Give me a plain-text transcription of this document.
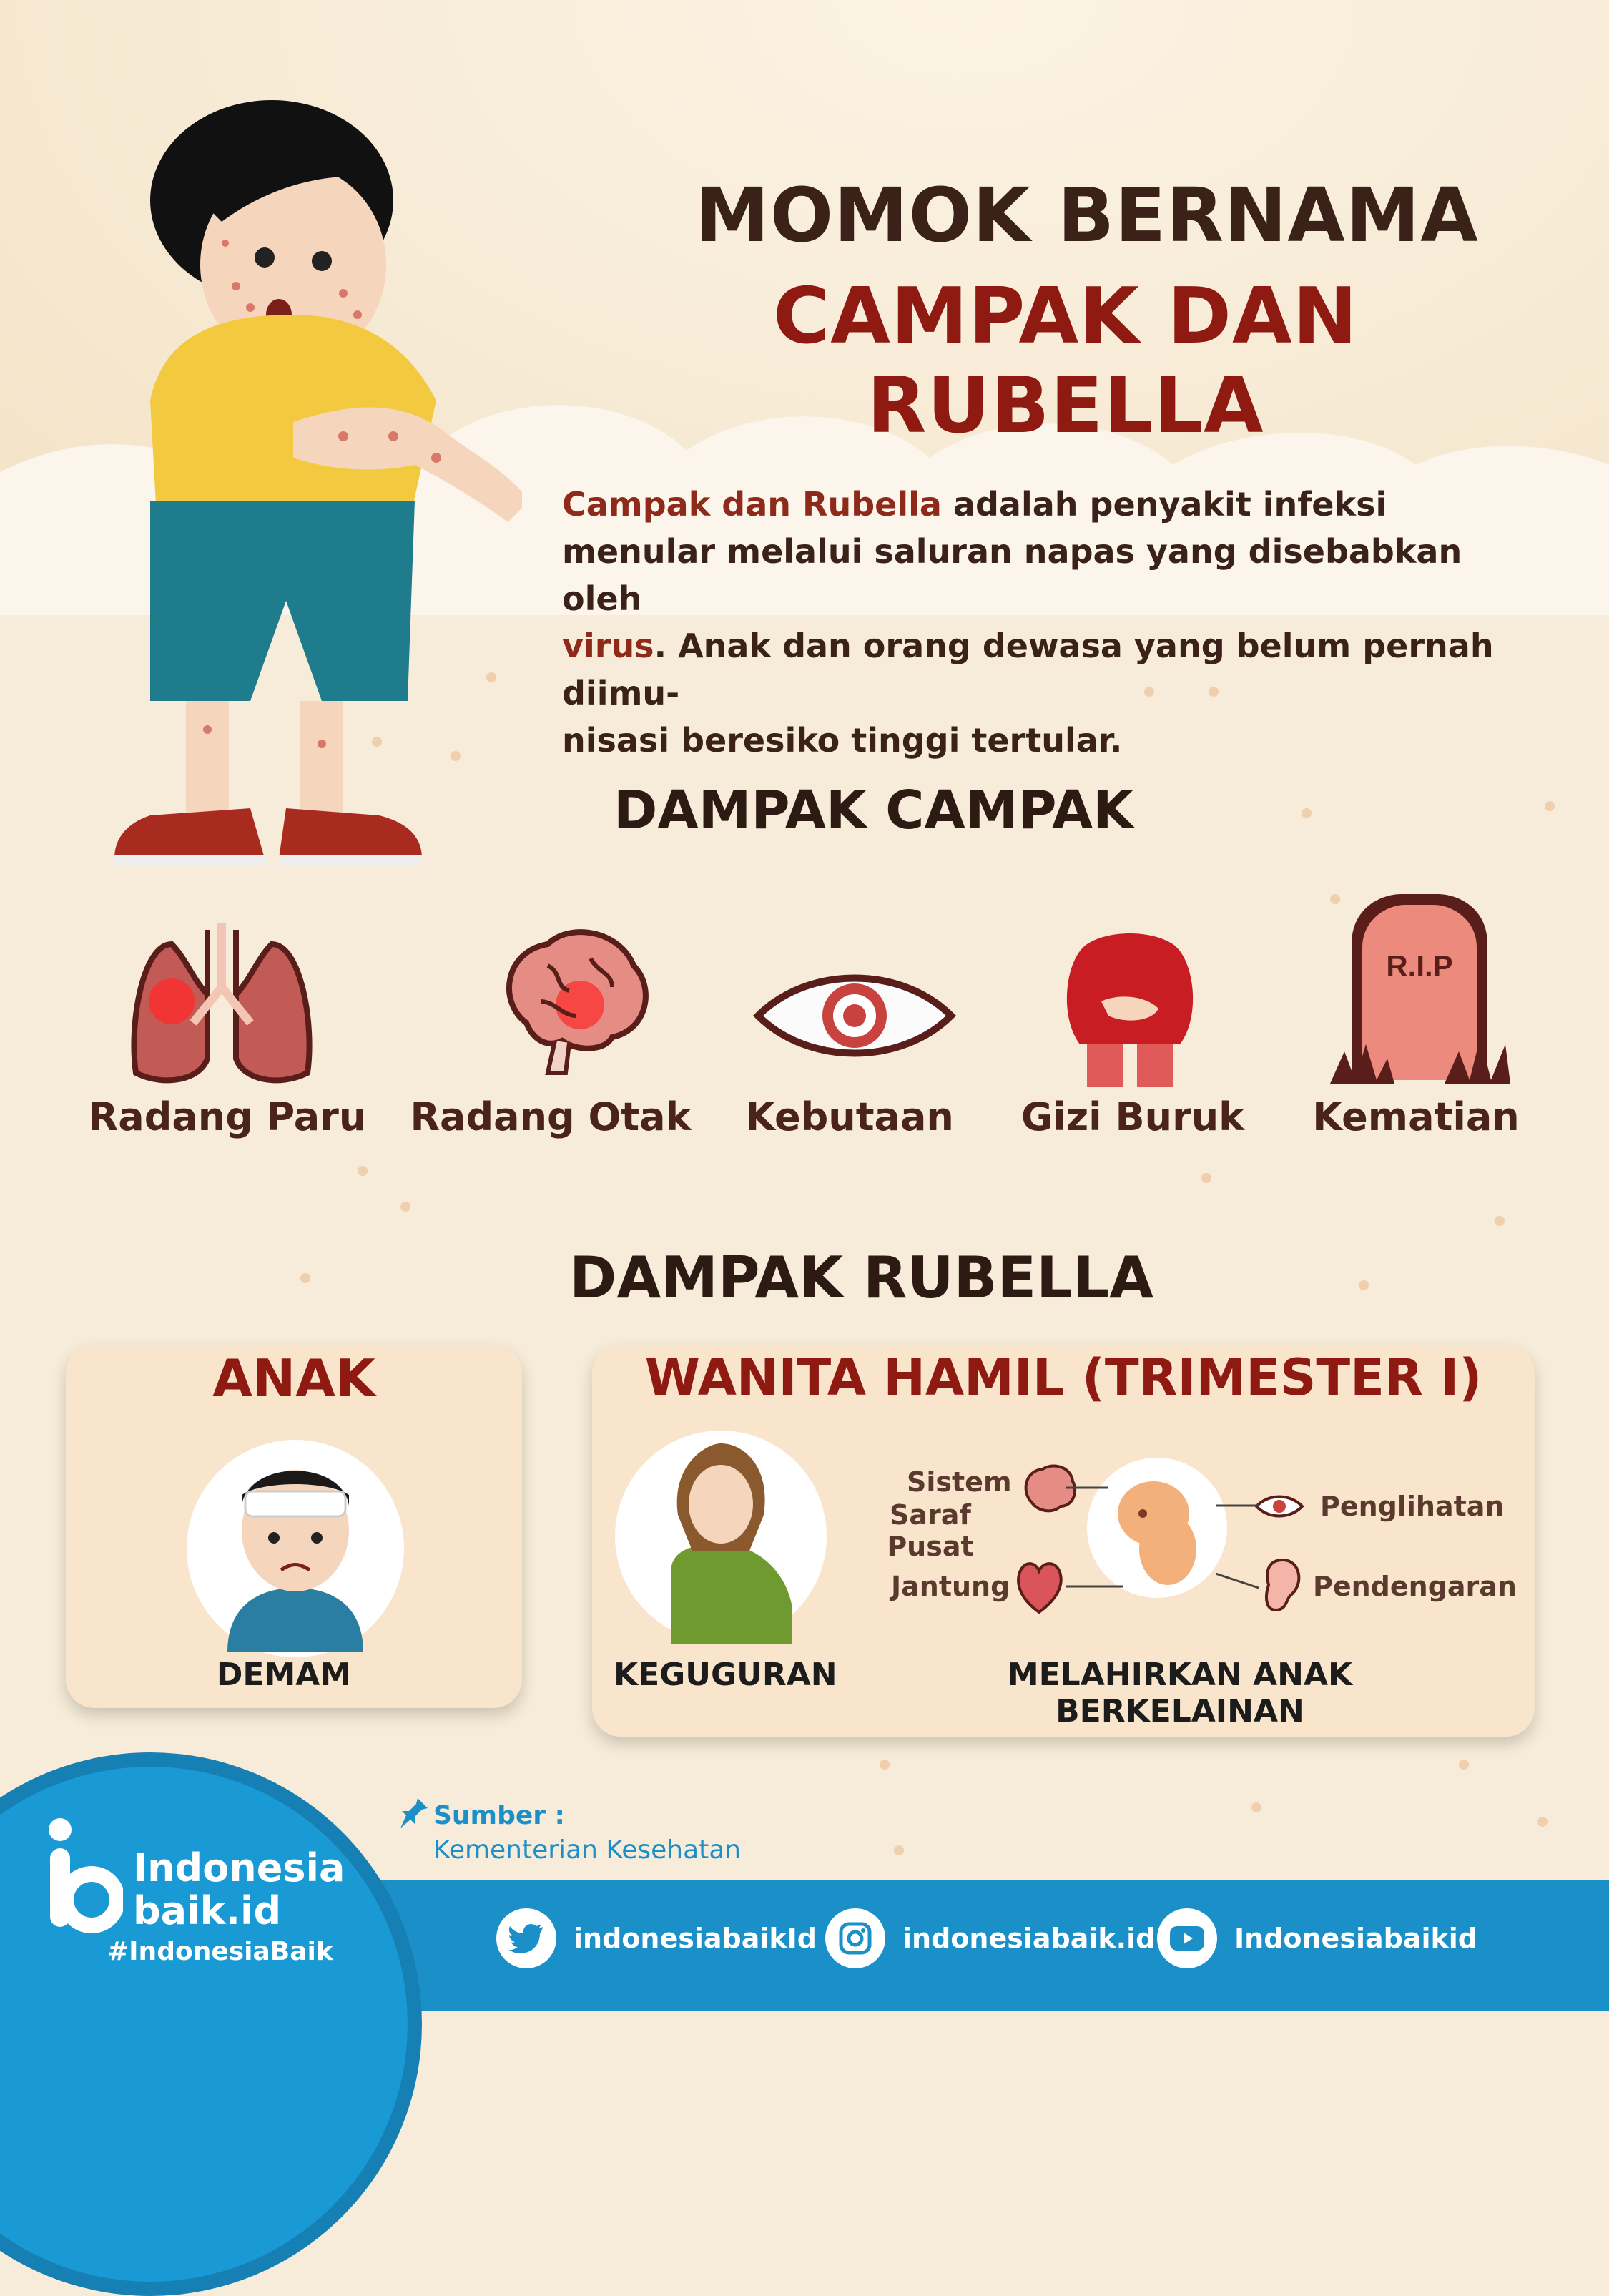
MOMOK BERNAMA
CAMPAK DAN RUBELLA
Campak dan Rubella adalah penyakit infeksi
menular melalui saluran napas yang disebabkan oleh
virus. Anak dan orang dewasa yang belum pernah diimu-
nisasi beresiko tinggi tertular.
DAMPAK CAMPAK
R.I.P
Radang Paru Radang Otak	Kebutaan	Gizi Buruk	Kematian
DAMPAK RUBELLA
ANAK
DEMAM
WANITA HAMIL (TRIMESTER I)
KEGUGURAN
Sistem
Saraf Pusat
Jantung
Penglihatan
Pendengaran
MELAHIRKAN ANAK BERKELAINAN
Sumber :
Kementerian Kesehatan
Indonesia
baik.id
#IndonesiaBaik	indonesiabaikId	indonesiabaik.id	Indonesiabaikid
